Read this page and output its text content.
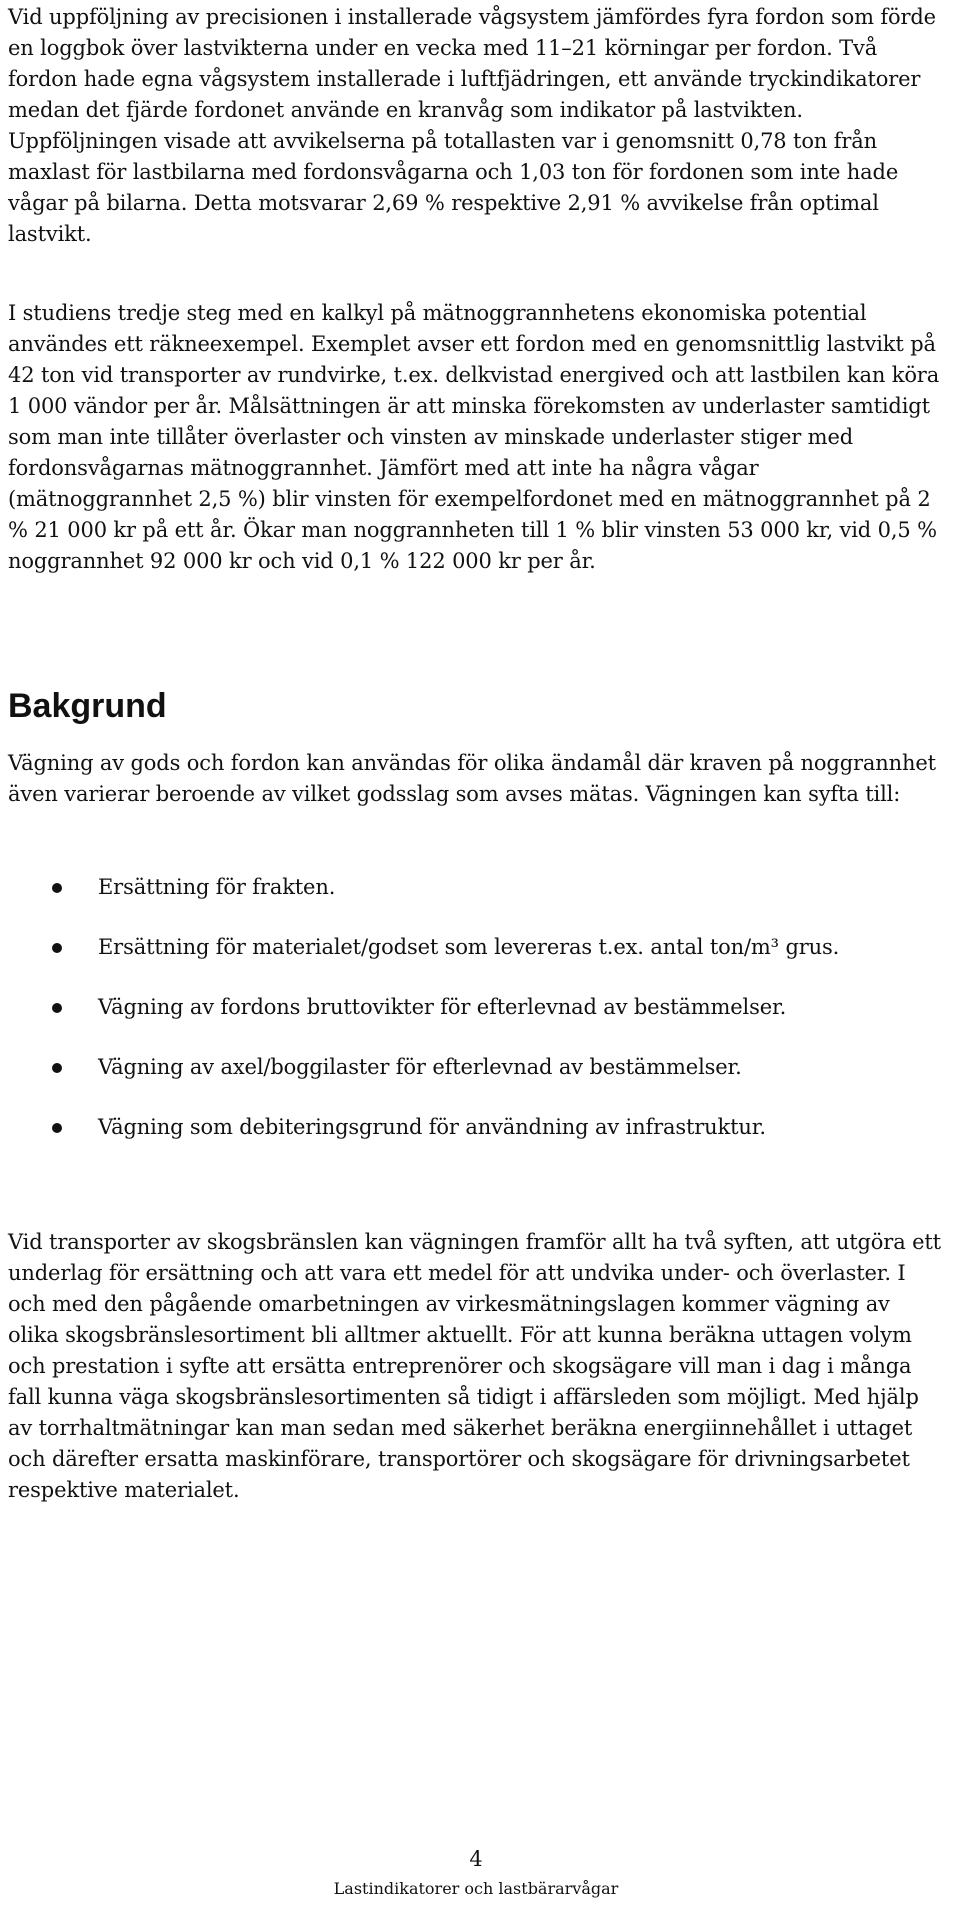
Vid uppföljning av precisionen i installerade vågsystem jämfördes fyra fordon som förde en loggbok över lastvikterna under en vecka med 11–21 körningar per fordon. Två fordon hade egna vågsystem installerade i luftfjädringen, ett använde tryckindikatorer medan det fjärde fordonet använde en kranvåg som indikator på lastvikten. Uppföljningen visade att avvikelserna på totallasten var i genomsnitt 0,78 ton från maxlast för lastbilarna med fordonsvågarna och 1,03 ton för fordonen som inte hade vågar på bilarna. Detta motsvarar 2,69 % respektive 2,91 % avvikelse från optimal lastvikt.

I studiens tredje steg med en kalkyl på mätnoggrannhetens ekonomiska potential användes ett räkneexempel. Exemplet avser ett fordon med en genomsnittlig lastvikt på 42 ton vid transporter av rundvirke, t.ex. delkvistad energived och att lastbilen kan köra 1 000 vändor per år. Målsättningen är att minska förekomsten av underlaster samtidigt som man inte tillåter överlaster och vinsten av minskade underlaster stiger med fordonsvågarnas mätnoggrannhet. Jämfört med att inte ha några vågar (mätnoggrannhet 2,5 %) blir vinsten för exempelfordonet med en mätnoggrannhet på 2 % 21 000 kr på ett år. Ökar man noggrannheten till 1 % blir vinsten 53 000 kr, vid 0,5 % noggrannhet 92 000 kr och vid 0,1 % 122 000 kr per år.

Bakgrund

Vägning av gods och fordon kan användas för olika ändamål där kraven på noggrannhet även varierar beroende av vilket godsslag som avses mätas. Vägningen kan syfta till:

Ersättning för frakten.
Ersättning för materialet/godset som levereras t.ex. antal ton/m³ grus.
Vägning av fordons bruttovikter för efterlevnad av bestämmelser.
Vägning av axel/boggilaster för efterlevnad av bestämmelser.
Vägning som debiteringsgrund för användning av infrastruktur.

Vid transporter av skogsbränslen kan vägningen framför allt ha två syften, att utgöra ett underlag för ersättning och att vara ett medel för att undvika under- och överlaster. I och med den pågående omarbetningen av virkesmätningslagen kommer vägning av olika skogsbränslesortiment bli alltmer aktuellt. För att kunna beräkna uttagen volym och prestation i syfte att ersätta entreprenörer och skogsägare vill man i dag i många fall kunna väga skogsbränslesortimenten så tidigt i affärsleden som möjligt. Med hjälp av torrhaltmätningar kan man sedan med säkerhet beräkna energiinnehållet i uttaget och därefter ersatta maskinförare, transportörer och skogsägare för drivningsarbetet respektive materialet.

4

Lastindikatorer och lastbärarvågar
